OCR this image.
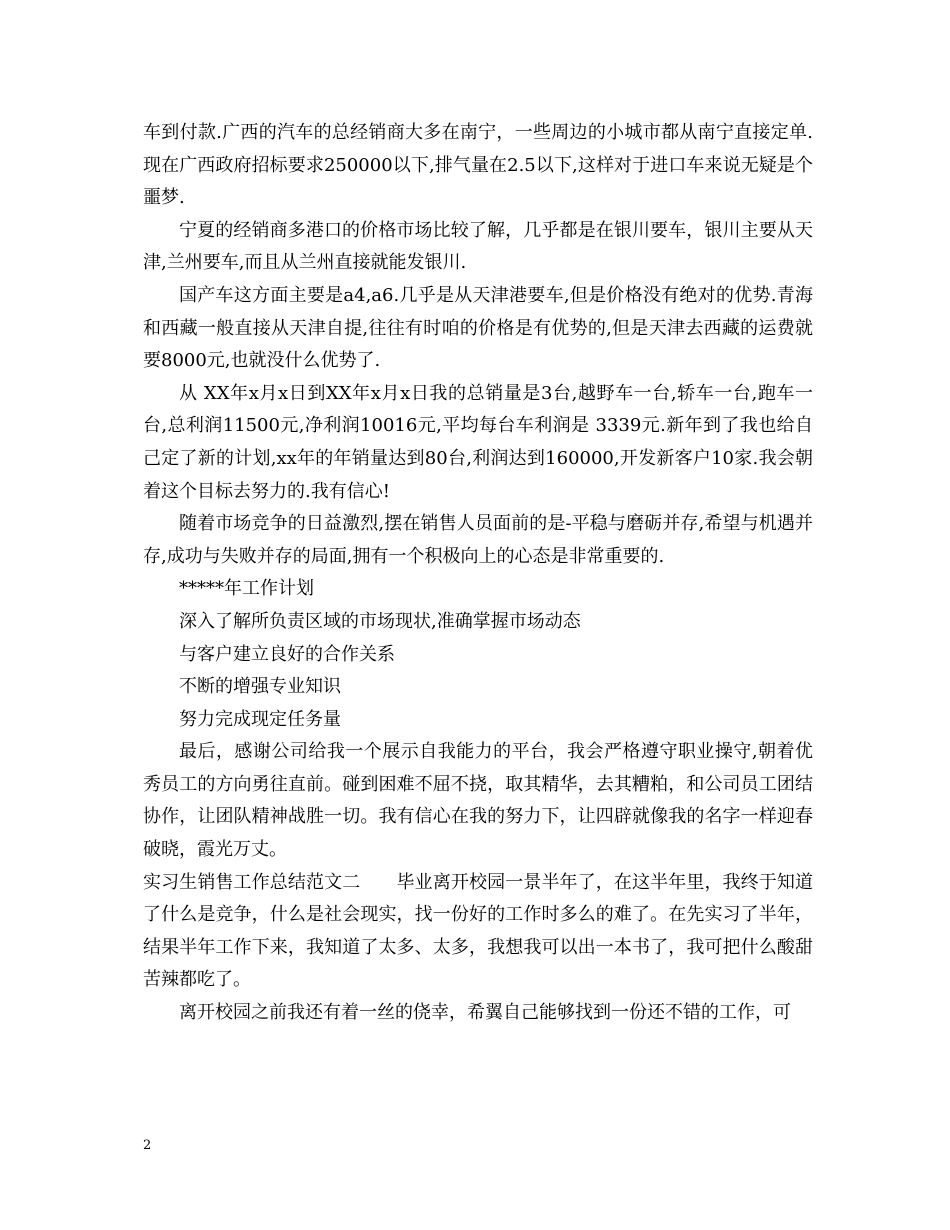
车到付款.广西的汽车的总经销商大多在南宁，一些周边的小城市都从南宁直接定单.现在广西政府招标要求250000以下,排气量在2.5以下,这样对于进口车来说无疑是个噩梦.

宁夏的经销商多港口的价格市场比较了解，几乎都是在银川要车，银川主要从天津,兰州要车,而且从兰州直接就能发银川.

国产车这方面主要是a4,a6.几乎是从天津港要车,但是价格没有绝对的优势.青海和西藏一般直接从天津自提,往往有时咱的价格是有优势的,但是天津去西藏的运费就要8000元,也就没什么优势了.

从 XX年x月x日到XX年x月x日我的总销量是3台,越野车一台,轿车一台,跑车一台,总利润11500元,净利润10016元,平均每台车利润是 3339元.新年到了我也给自己定了新的计划,xx年的年销量达到80台,利润达到160000,开发新客户10家.我会朝着这个目标去努力的.我有信心!

随着市场竞争的日益激烈,摆在销售人员面前的是-平稳与磨砺并存,希望与机遇并存,成功与失败并存的局面,拥有一个积极向上的心态是非常重要的.

*****年工作计划

深入了解所负责区域的市场现状,准确掌握市场动态

与客户建立良好的合作关系

不断的增强专业知识

努力完成现定任务量

最后，感谢公司给我一个展示自我能力的平台，我会严格遵守职业操守,朝着优秀员工的方向勇往直前。碰到困难不屈不挠，取其精华，去其糟粕，和公司员工团结协作，让团队精神战胜一切。我有信心在我的努力下，让四辟就像我的名字一样迎春破晓，霞光万丈。

实习生销售工作总结范文二　　毕业离开校园一景半年了，在这半年里，我终于知道了什么是竞争，什么是社会现实，找一份好的工作时多么的难了。在先实习了半年，结果半年工作下来，我知道了太多、太多，我想我可以出一本书了，我可把什么酸甜苦辣都吃了。

离开校园之前我还有着一丝的侥幸，希翼自己能够找到一份还不错的工作，可

2
